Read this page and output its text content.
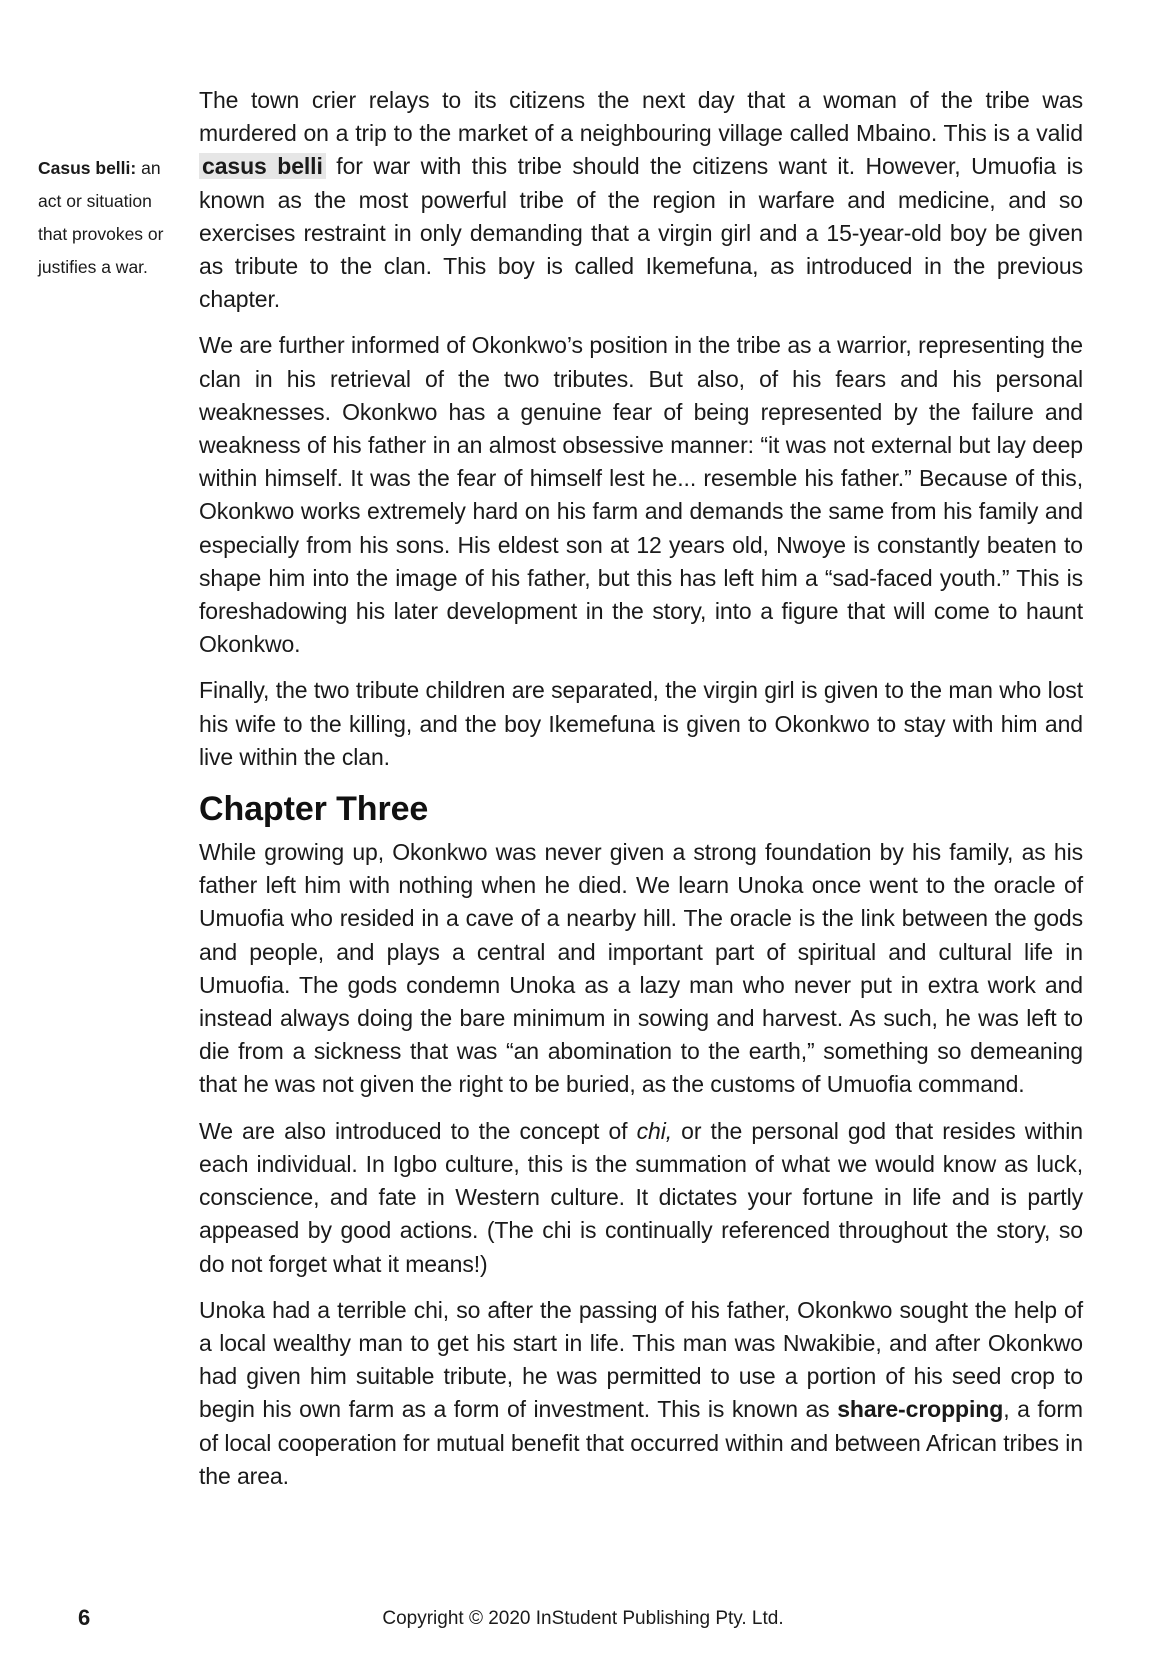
Casus belli: an act or situation that provokes or justifies a war.

The town crier relays to its citizens the next day that a woman of the tribe was murdered on a trip to the market of a neighbouring village called Mbaino. This is a valid casus belli for war with this tribe should the citizens want it. However, Umuofia is known as the most powerful tribe of the region in warfare and medicine, and so exercises restraint in only demanding that a virgin girl and a 15-year-old boy be given as tribute to the clan. This boy is called Ikemefuna, as introduced in the previous chapter.

We are further informed of Okonkwo’s position in the tribe as a warrior, representing the clan in his retrieval of the two tributes. But also, of his fears and his personal weaknesses. Okonkwo has a genuine fear of being represented by the failure and weakness of his father in an almost obsessive manner: “it was not external but lay deep within himself. It was the fear of himself lest he... resemble his father.” Because of this, Okonkwo works extremely hard on his farm and demands the same from his family and especially from his sons. His eldest son at 12 years old, Nwoye is constantly beaten to shape him into the image of his father, but this has left him a “sad-faced youth.” This is foreshadowing his later development in the story, into a figure that will come to haunt Okonkwo.

Finally, the two tribute children are separated, the virgin girl is given to the man who lost his wife to the killing, and the boy Ikemefuna is given to Okonkwo to stay with him and live within the clan.

Chapter Three

While growing up, Okonkwo was never given a strong foundation by his family, as his father left him with nothing when he died. We learn Unoka once went to the oracle of Umuofia who resided in a cave of a nearby hill. The oracle is the link between the gods and people, and plays a central and important part of spiritual and cultural life in Umuofia. The gods condemn Unoka as a lazy man who never put in extra work and instead always doing the bare minimum in sowing and harvest. As such, he was left to die from a sickness that was “an abomination to the earth,” something so demeaning that he was not given the right to be buried, as the customs of Umuofia command.

We are also introduced to the concept of chi, or the personal god that resides within each individual. In Igbo culture, this is the summation of what we would know as luck, conscience, and fate in Western culture. It dictates your fortune in life and is partly appeased by good actions. (The chi is continually referenced throughout the story, so do not forget what it means!)

Unoka had a terrible chi, so after the passing of his father, Okonkwo sought the help of a local wealthy man to get his start in life. This man was Nwakibie, and after Okonkwo had given him suitable tribute, he was permitted to use a portion of his seed crop to begin his own farm as a form of investment. This is known as share-cropping, a form of local cooperation for mutual benefit that occurred within and between African tribes in the area.

6	Copyright © 2020 InStudent Publishing Pty. Ltd.
